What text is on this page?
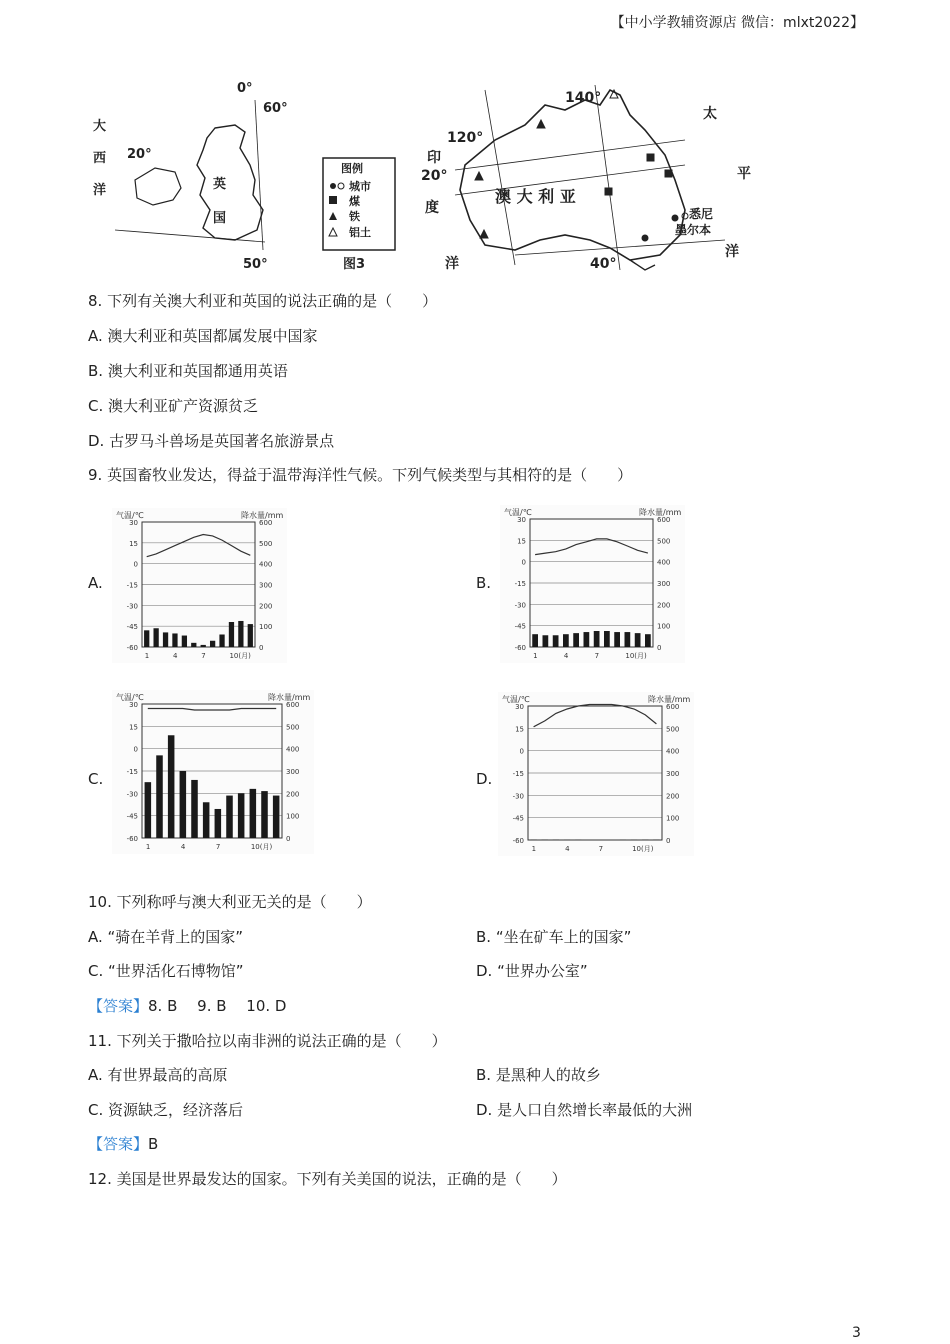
【中小学教辅资源店 微信：mlxt2022】
0°
60°
大
西
洋
20°
英
国
50°
图例
城市
煤
铁
铝土
图3
140°
120°
20°
40°
印
度
洋
太
平
洋
澳 大 利 亚
悉尼
墨尔本
8. 下列有关澳大利亚和英国的说法正确的是（　　）
A. 澳大利亚和英国都属发展中国家
B. 澳大利亚和英国都通用英语
C. 澳大利亚矿产资源贫乏
D. 古罗马斗兽场是英国著名旅游景点
9. 英国畜牧业发达，得益于温带海洋性气候。下列气候类型与其相符的是（　　）
A.	B.
C.	D.
气温/℃	降水量/mm
30	600
15	500
0	400
-15	300
-30	200
-45	100
-60	0
1	4	7	10(月)
气温/℃	降水量/mm
30	600
15	500
0	400
-15	300
-30	200
-45	100
-60	0
1	4	7	10(月)
气温/℃	降水量/mm
30	600
15	500
0	400
-15	300
-30	200
-45	100
-60	0
1	4	7	10(月)
气温/℃	降水量/mm
30	600
15	500
0	400
-15	300
-30	200
-45	100
-60	0
1	4	7	10(月)
10. 下列称呼与澳大利亚无关的是（　　）
A. “骑在羊背上的国家”	B. “坐在矿车上的国家”
C. “世界活化石博物馆”	D. “世界办公室”
【答案】8. B　 9. B　 10. D
11. 下列关于撒哈拉以南非洲的说法正确的是（　　）
A. 有世界最高的高原	B. 是黑种人的故乡
C. 资源缺乏，经济落后	D. 是人口自然增长率最低的大洲
【答案】B
12. 美国是世界最发达的国家。下列有关美国的说法，正确的是（　　）
3
